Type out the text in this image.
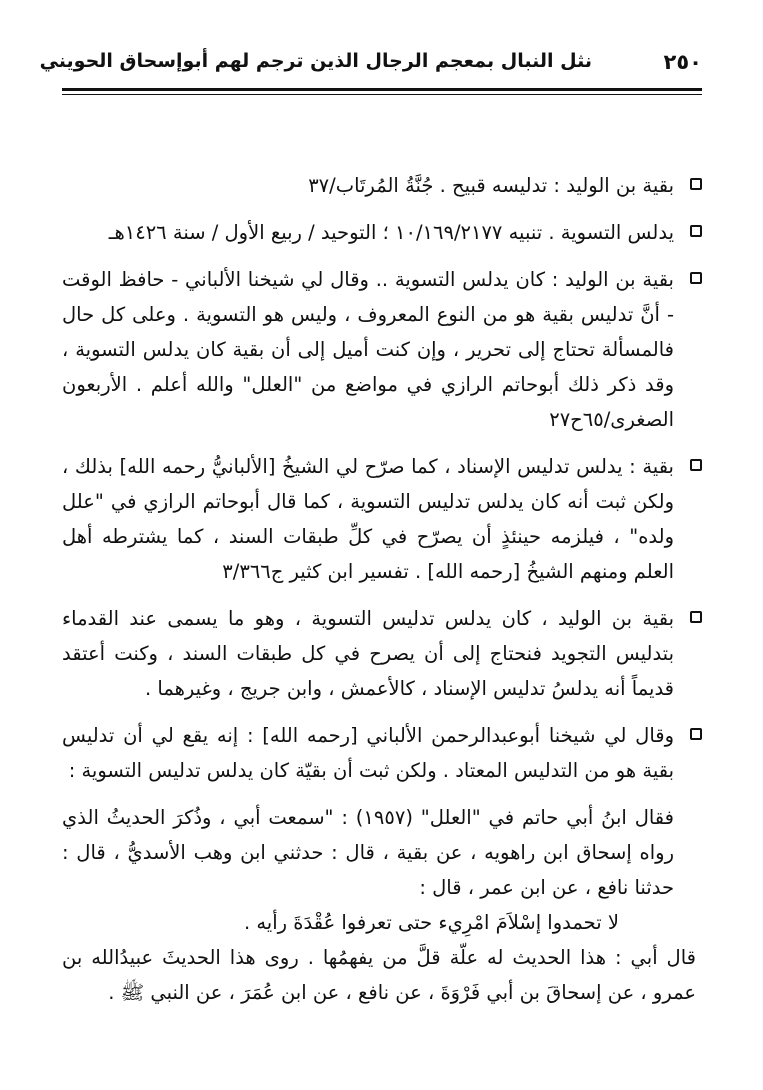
٢٥٠
نثل النبال بمعجم الرجال الذين ترجم لهم أبوإسحاق الحويني

بقية بن الوليد : تدليسه قبيح . جُنَّةُ المُرتَاب/٣٧

يدلس التسوية . تنبيه ١٠/١٦٩/٢١٧٧ ؛ التوحيد / ربيع الأول / سنة ١٤٢٦هـ

بقية بن الوليد : كان يدلس التسوية .. وقال لي شيخنا الألباني - حافظ الوقت - أنَّ تدليس بقية هو من النوع المعروف ، وليس هو التسوية . وعلى كل حال فالمسألة تحتاج إلى تحرير ، وإن كنت أميل إلى أن بقية كان يدلس التسوية ، وقد ذكر ذلك أبوحاتم الرازي في مواضع من "العلل" والله أعلم . الأربعون الصغرى/٦٥ح٢٧

بقية : يدلس تدليس الإسناد ، كما صرّح لي الشيخُ [الألبانيُّ رحمه الله] بذلك ، ولكن ثبت أنه كان يدلس تدليس التسوية ، كما قال أبوحاتم الرازي في "علل ولده" ، فيلزمه حينئذٍ أن يصرّح في كلِّ طبقات السند ، كما يشترطه أهل العلم ومنهم الشيخُ [رحمه الله] . تفسير ابن كثير ج٣/٣٦٦

بقية بن الوليد ، كان يدلس تدليس التسوية ، وهو ما يسمى عند القدماء بتدليس التجويد فنحتاج إلى أن يصرح في كل طبقات السند ، وكنت أعتقد قديماً أنه يدلسُ تدليس الإسناد ، كالأعمش ، وابن جريج ، وغيرهما .

وقال لي شيخنا أبوعبدالرحمن الألباني [رحمه الله] : إنه يقع لي أن تدليس بقية هو من التدليس المعتاد . ولكن ثبت أن بقيّة كان يدلس تدليس التسوية :

فقال ابنُ أبي حاتم في "العلل" (١٩٥٧) : "سمعت أبي ، وذُكرَ الحديثُ الذي رواه إسحاق ابن راهويه ، عن بقية ، قال : حدثني ابن وهب الأسديُّ ، قال : حدثنا نافع ، عن ابن عمر ، قال :

لا تحمدوا إسْلاَمَ امْرِيء حتى تعرفوا عُقْدَةَ رأيه .

قال أبي : هذا الحديث له علّة قلَّ من يفهمُها . روى هذا الحديثَ عبيدُالله بن عمرو ، عن إسحاقَ بن أبي فَرْوَةَ ، عن نافع ، عن ابن عُمَرَ ، عن النبي ﷺ .
